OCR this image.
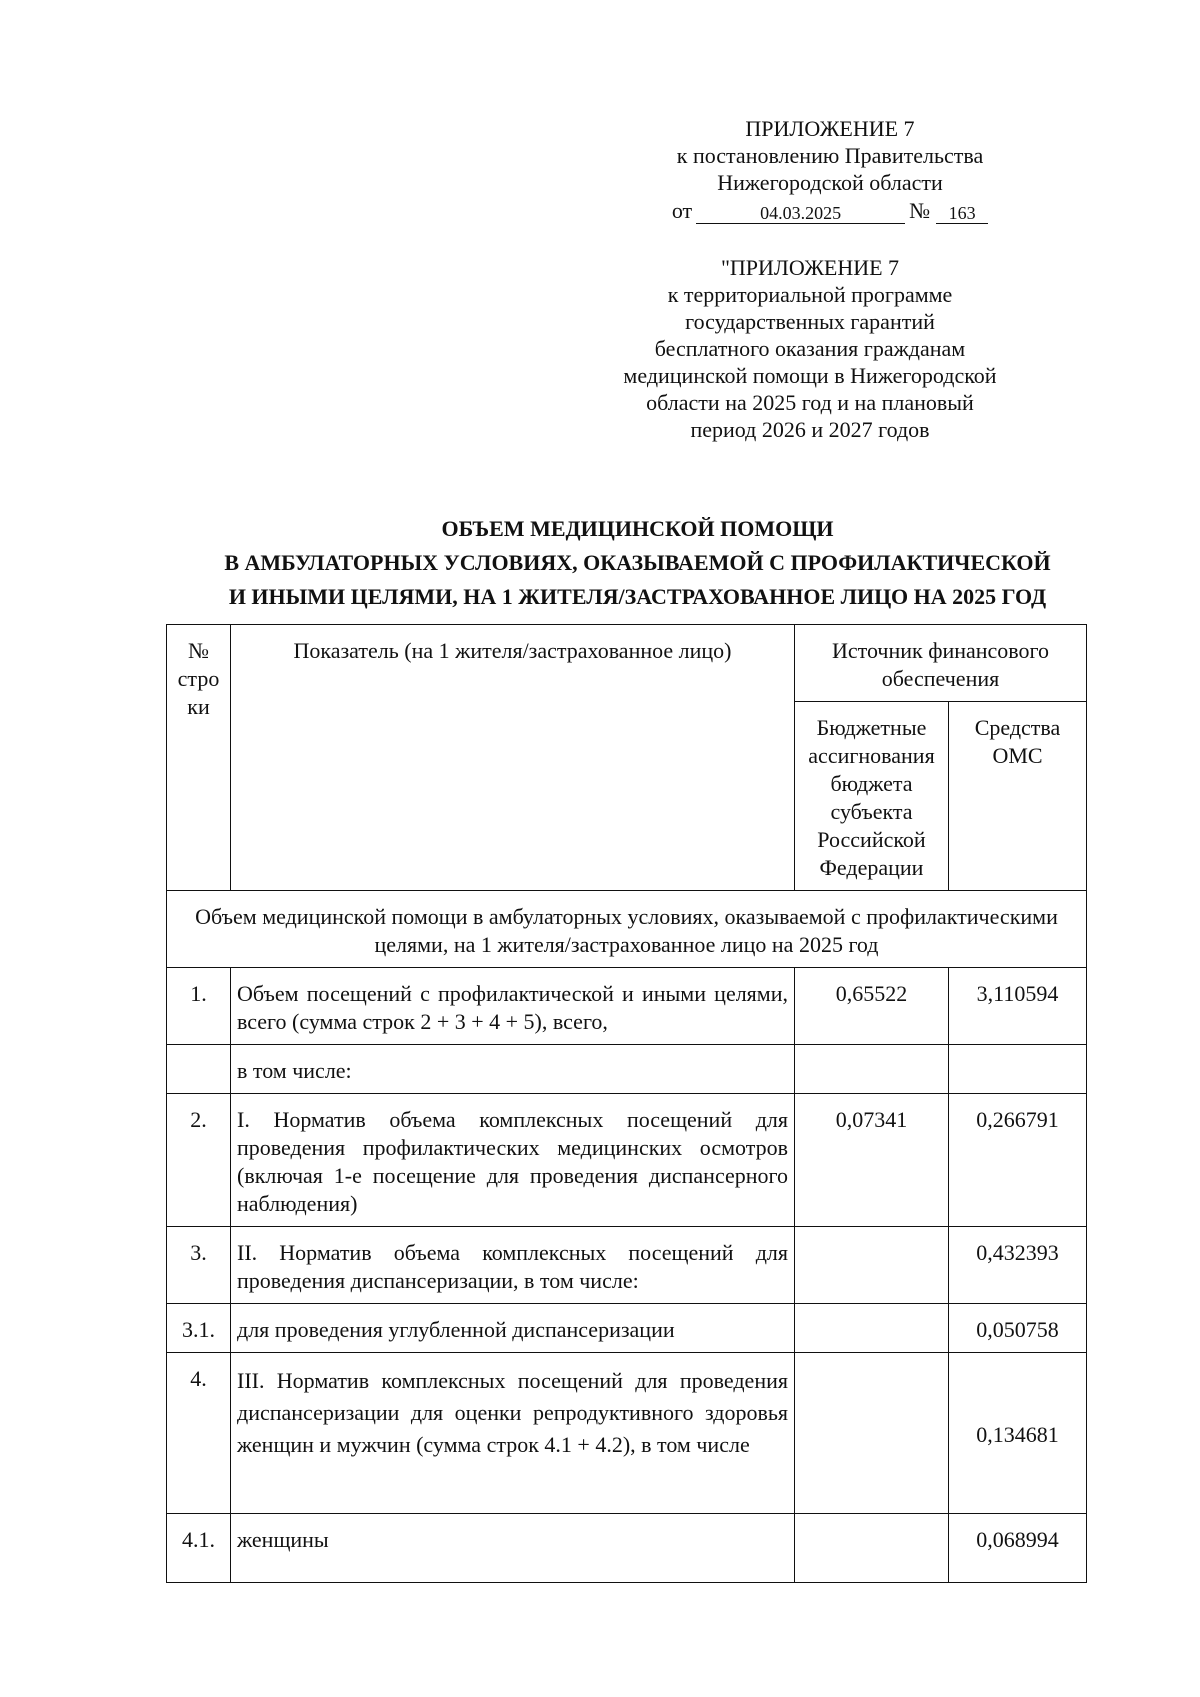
ПРИЛОЖЕНИЕ 7
к постановлению Правительства
Нижегородской области
от	04.03.2025	№	163
"ПРИЛОЖЕНИЕ 7
к территориальной программе
государственных гарантий
бесплатного оказания гражданам
медицинской помощи в Нижегородской
области на 2025 год и на плановый
период 2026 и 2027 годов
ОБЪЕМ МЕДИЦИНСКОЙ ПОМОЩИ
В АМБУЛАТОРНЫХ УСЛОВИЯХ, ОКАЗЫВАЕМОЙ С ПРОФИЛАКТИЧЕСКОЙ
И ИНЫМИ ЦЕЛЯМИ, НА 1 ЖИТЕЛЯ/ЗАСТРАХОВАННОЕ ЛИЦО НА 2025 ГОД
№ стро ки	Показатель (на 1 жителя/застрахованное лицо)	Источник финансового обеспечения	
		Бюджетные ассигнования бюджета субъекта Российской Федерации	Средства ОМС
Объем медицинской помощи в амбулаторных условиях, оказываемой с профилактическими целями, на 1 жителя/застрахованное лицо на 2025 год			
1.	Объем посещений с профилактической и иными целями, всего (сумма строк 2 + 3 + 4 + 5), всего,	0,65522	3,110594
	в том числе:		
2.	I. Норматив объема комплексных посещений для проведения профилактических медицинских осмотров (включая 1-е посещение для проведения диспансерного наблюдения)	0,07341	0,266791
3.	II. Норматив объема комплексных посещений для проведения диспансеризации, в том числе:		0,432393
3.1.	для проведения углубленной диспансеризации		0,050758
4.	III. Норматив комплексных посещений для проведения диспансеризации для оценки репродуктивного здоровья женщин и мужчин (сумма строк 4.1 + 4.2), в том числе		0,134681
4.1.	женщины		0,068994
